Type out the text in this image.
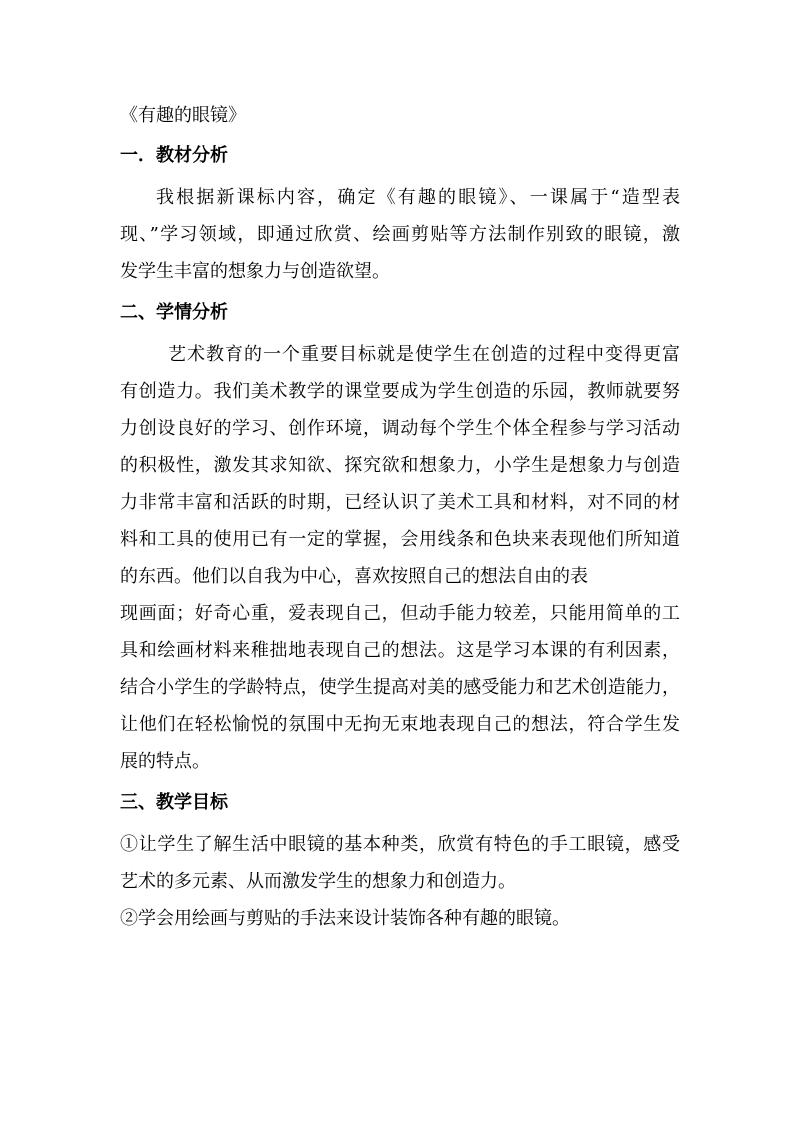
《有趣的眼镜》

一．教材分析

我根据新课标内容，确定《有趣的眼镜》、一课属于“造型表
现、”学习领域，即通过欣赏、绘画剪贴等方法制作别致的眼镜，激
发学生丰富的想象力与创造欲望。

二、学情分析

艺术教育的一个重要目标就是使学生在创造的过程中变得更富
有创造力。我们美术教学的课堂要成为学生创造的乐园，教师就要努
力创设良好的学习、创作环境，调动每个学生个体全程参与学习活动
的积极性，激发其求知欲、探究欲和想象力，小学生是想象力与创造
力非常丰富和活跃的时期，已经认识了美术工具和材料，对不同的材
料和工具的使用已有一定的掌握，会用线条和色块来表现他们所知道
的东西。他们以自我为中心，喜欢按照自己的想法自由的表
现画面；好奇心重，爱表现自己，但动手能力较差，只能用简单的工
具和绘画材料来稚拙地表现自己的想法。这是学习本课的有利因素，
结合小学生的学龄特点，使学生提高对美的感受能力和艺术创造能力，
让他们在轻松愉悦的氛围中无拘无束地表现自己的想法，符合学生发
展的特点。

三、教学目标

①让学生了解生活中眼镜的基本种类，欣赏有特色的手工眼镜，感受
艺术的多元素、从而激发学生的想象力和创造力。
②学会用绘画与剪贴的手法来设计装饰各种有趣的眼镜。
